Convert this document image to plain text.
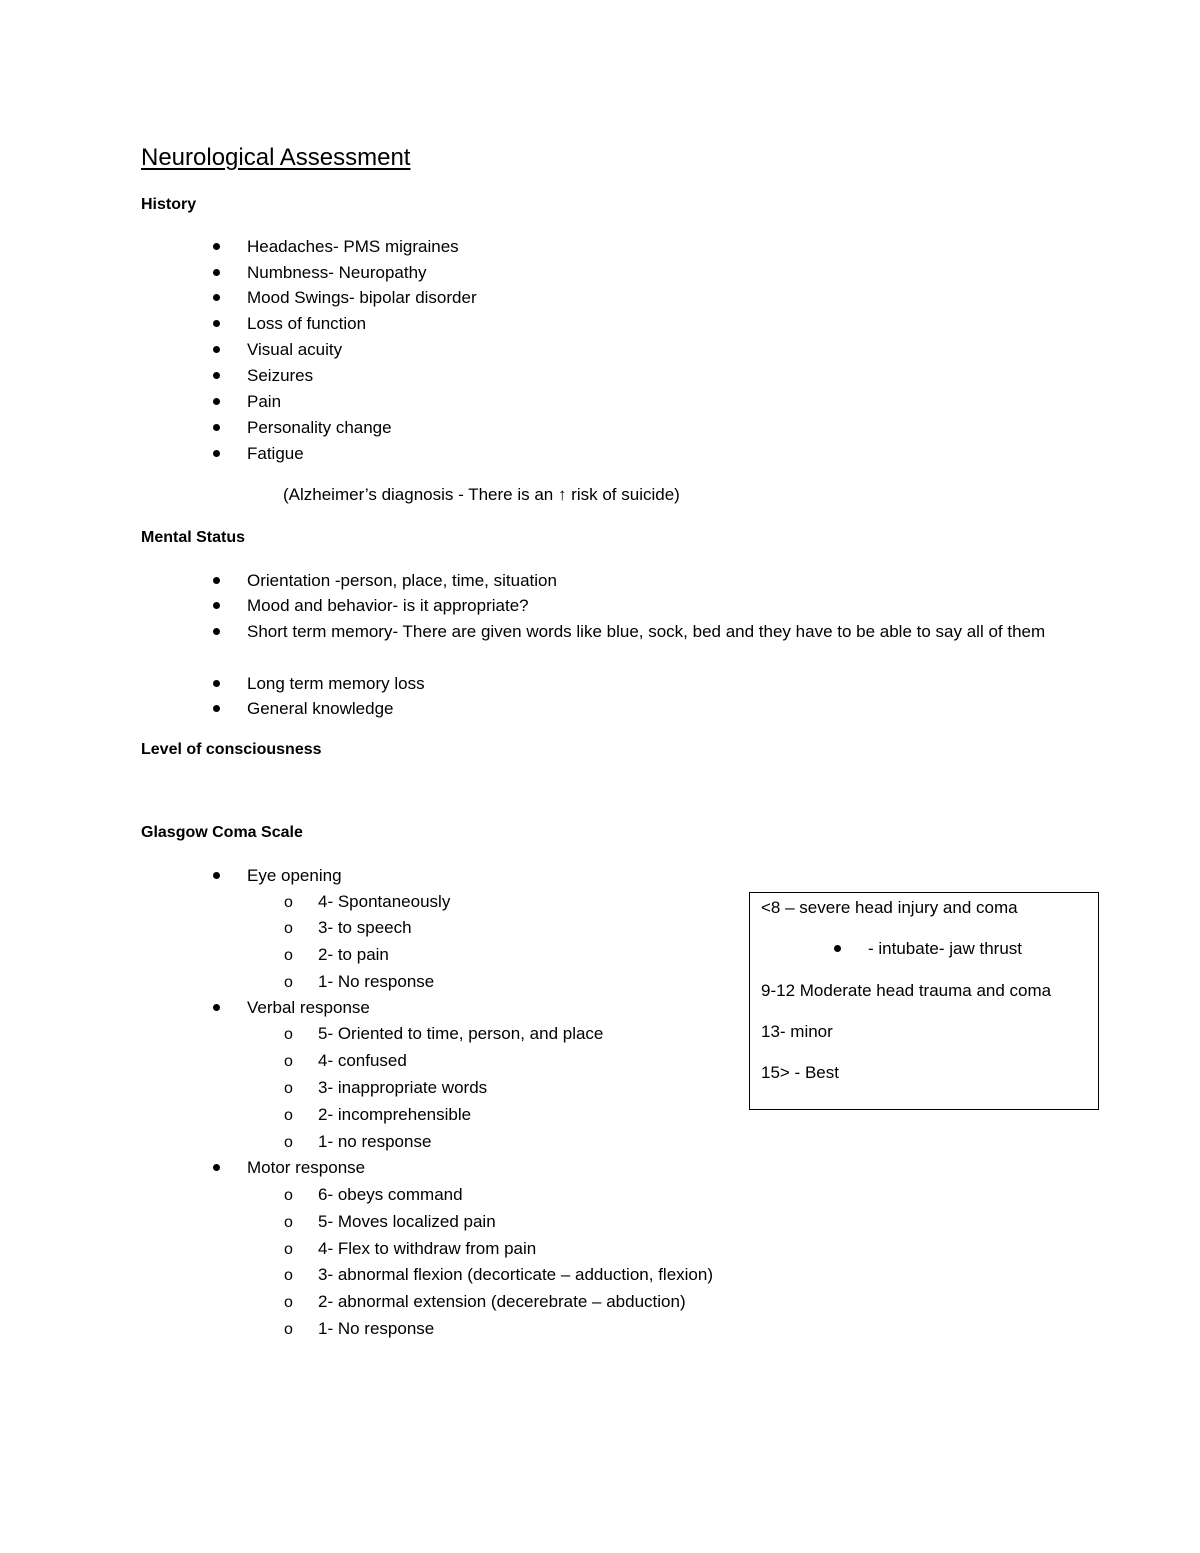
Neurological Assessment
History
Headaches- PMS migraines
Numbness- Neuropathy
Mood Swings- bipolar disorder
Loss of function
Visual acuity
Seizures
Pain
Personality change
Fatigue
(Alzheimer’s diagnosis - There is an ↑ risk of suicide)
Mental Status
Orientation -person, place, time, situation
Mood and behavior- is it appropriate?
Short term memory- There are given words like blue, sock, bed and they have to be able to say all of them
Long term memory loss
General knowledge
Level of consciousness
Glasgow Coma Scale
Eye opening
o 4- Spontaneously
o 3- to speech
o 2- to pain
o 1- No response
Verbal response
o 5- Oriented to time, person, and place
o 4- confused
o 3- inappropriate words
o 2- incomprehensible
o 1- no response
Motor response
o 6- obeys command
o 5- Moves localized pain
o 4- Flex to withdraw from pain
o 3- abnormal flexion (decorticate – adduction, flexion)
o 2- abnormal extension (decerebrate – abduction)
o 1- No response
<8 – severe head injury and coma
- intubate- jaw thrust
9-12 Moderate head trauma and coma
13- minor
15> - Best
